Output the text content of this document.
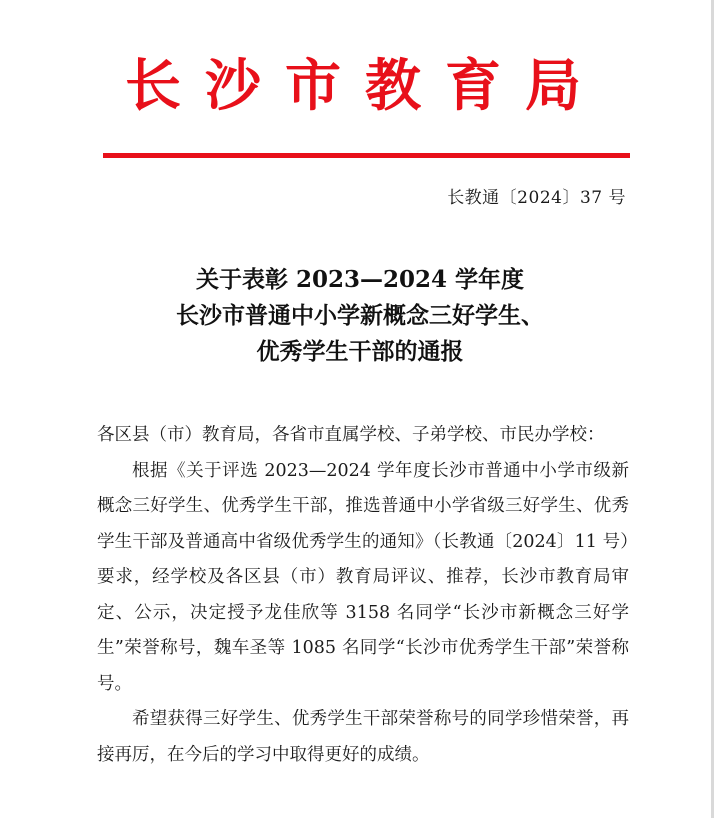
长沙市教育局
长教通〔2024〕37 号
关于表彰 2023—2024 学年度
长沙市普通中小学新概念三好学生、
优秀学生干部的通报

各区县（市）教育局，各省市直属学校、子弟学校、市民办学校：

根据《关于评选 2023—2024 学年度长沙市普通中小学市级新概念三好学生、优秀学生干部，推选普通中小学省级三好学生、优秀学生干部及普通高中省级优秀学生的通知》（长教通〔2024〕11 号）要求，经学校及各区县（市）教育局评议、推荐，长沙市教育局审定、公示，决定授予龙佳欣等 3158 名同学“长沙市新概念三好学生”荣誉称号，魏车圣等 1085 名同学“长沙市优秀学生干部”荣誉称号。

希望获得三好学生、优秀学生干部荣誉称号的同学珍惜荣誉，再接再厉，在今后的学习中取得更好的成绩。
